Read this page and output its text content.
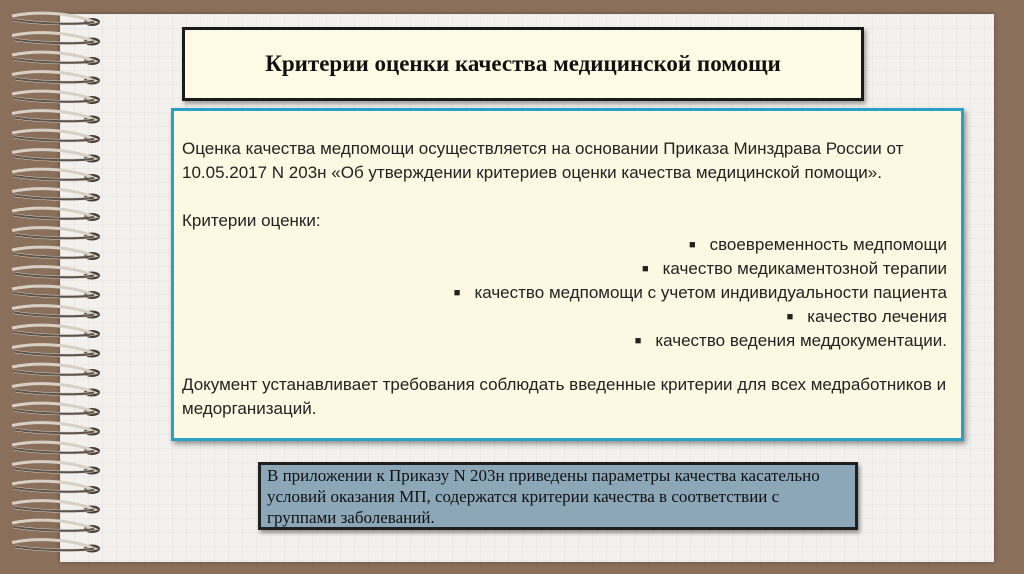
Критерии оценки качества медицинской помощи

Оценка качества медпомощи осуществляется на основании Приказа Минздрава России от 10.05.2017 N 203н «Об утверждении критериев оценки качества медицинской помощи».

Критерии оценки:

■ своевременность медпомощи
■ качество медикаментозной терапии
■ качество медпомощи с учетом индивидуальности пациента
■ качество лечения
■ качество ведения меддокументации.

Документ устанавливает требования соблюдать введенные критерии для всех медработников и медорганизаций.

В приложении к Приказу N 203н приведены параметры качества касательно условий оказания МП, содержатся критерии качества в соответствии с группами заболеваний.
